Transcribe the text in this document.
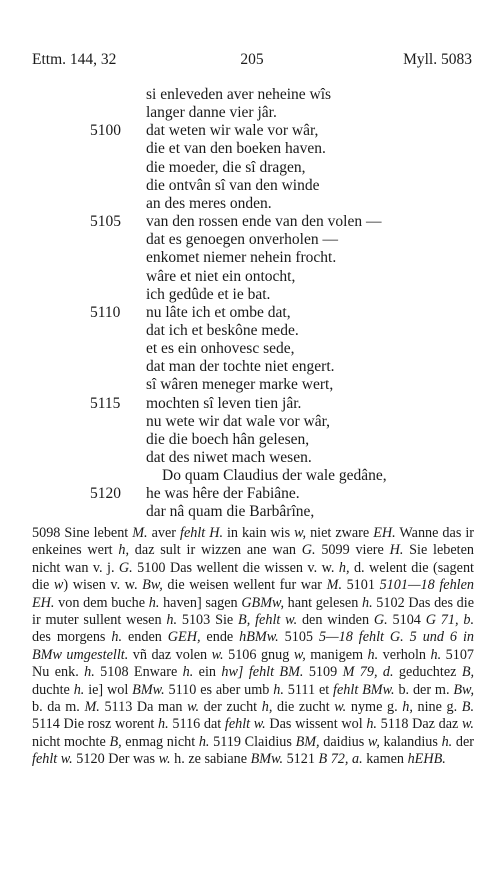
Ettm. 144, 32	205	Myll. 5083
si enleveden aver neheine wîs
langer danne vier jâr.
5100 dat weten wir wale vor wâr,
die et van den boeken haven.
die moeder, die sî dragen,
die ontvân sî van den winde
an des meres onden.
5105 van den rossen ende van den volen —
dat es genoegen onverholen —
enkomet niemer nehein frocht.
wâre et niet ein ontocht,
ich gedûde et ie bat.
5110 nu lâte ich et ombe dat,
dat ich et beskône mede.
et es ein onhovesc sede,
dat man der tochte niet engert.
sî wâren meneger marke wert,
5115 mochten sî leven tien jâr.
nu wete wir dat wale vor wâr,
die die boech hân gelesen,
dat des niwet mach wesen.
Do quam Claudius der wale gedâne,
5120 he was hêre der Fabiâne.
dar nâ quam die Barbârîne,

5098 Sine lebent M. aver fehlt H. in kain wis w, niet zware EH. Wanne das ir enkeines wert h, daz sult ir wizzen ane wan G. 5099 viere H. Sie lebeten nicht wan v. j. G. 5100 Das wellent die wissen v. w. h, d. welent die (sagent die w) wisen v. w. Bw, die weisen wellent fur war M. 5101 5101—18 fehlen EH. von dem buche h. haven] sagen GBMw, hant gelesen h. 5102 Das des die ir muter sullent wesen h. 5103 Sie B, fehlt w. den winden G. 5104 G 71, b. des morgens h. enden GEH, ende hBMw. 5105 5—18 fehlt G. 5 und 6 in BMw umgestellt. vñ daz volen w. 5106 gnug w, manigem h. verholn h. 5107 Nu enk. h. 5108 Enware h. ein hw] fehlt BM. 5109 M 79, d. geduchtez B, duchte h. ie] wol BMw. 5110 es aber umb h. 5111 et fehlt BMw. b. der m. Bw, b. da m. M. 5113 Da man w. der zucht h, die zucht w. nyme g. h, nine g. B. 5114 Die rosz worent h. 5116 dat fehlt w. Das wissent wol h. 5118 Daz daz w. nicht mochte B, enmag nicht h. 5119 Claidius BM, daidius w, kalandius h. der fehlt w. 5120 Der was w. h. ze sabiane BMw. 5121 B 72, a. kamen hEHB.
